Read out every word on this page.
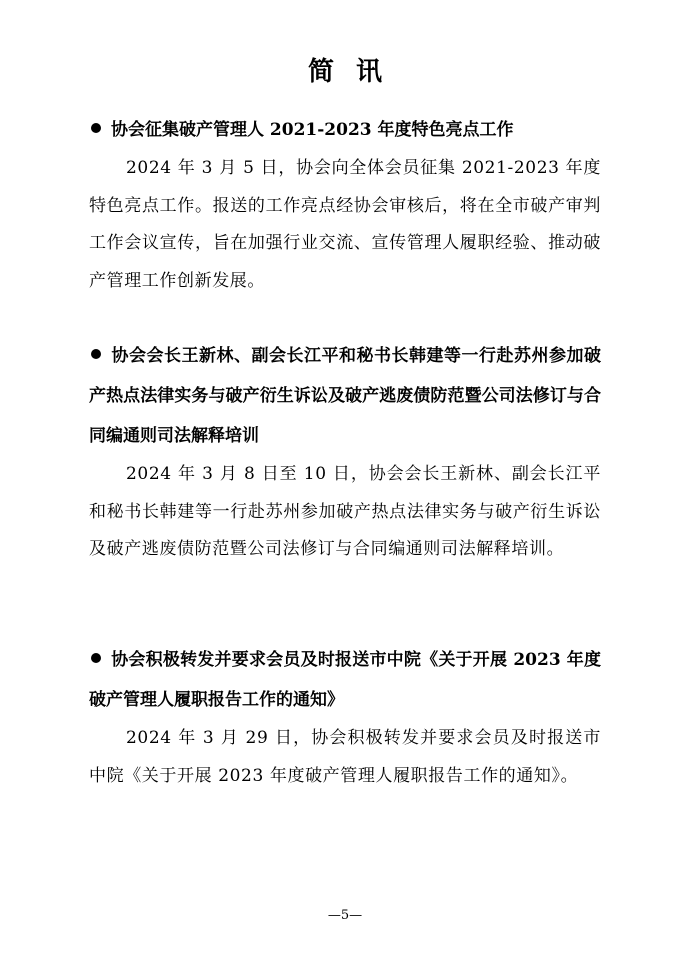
简讯
协会征集破产管理人 2021-2023 年度特色亮点工作
2024 年 3 月 5 日，协会向全体会员征集 2021-2023 年度特色亮点工作。报送的工作亮点经协会审核后，将在全市破产审判工作会议宣传，旨在加强行业交流、宣传管理人履职经验、推动破产管理工作创新发展。
协会会长王新林、副会长江平和秘书长韩建等一行赴苏州参加破产热点法律实务与破产衍生诉讼及破产逃废债防范暨公司法修订与合同编通则司法解释培训
2024 年 3 月 8 日至 10 日，协会会长王新林、副会长江平和秘书长韩建等一行赴苏州参加破产热点法律实务与破产衍生诉讼及破产逃废债防范暨公司法修订与合同编通则司法解释培训。
协会积极转发并要求会员及时报送市中院《关于开展 2023 年度破产管理人履职报告工作的通知》
2024 年 3 月 29 日，协会积极转发并要求会员及时报送市中院《关于开展 2023 年度破产管理人履职报告工作的通知》。
—5—
